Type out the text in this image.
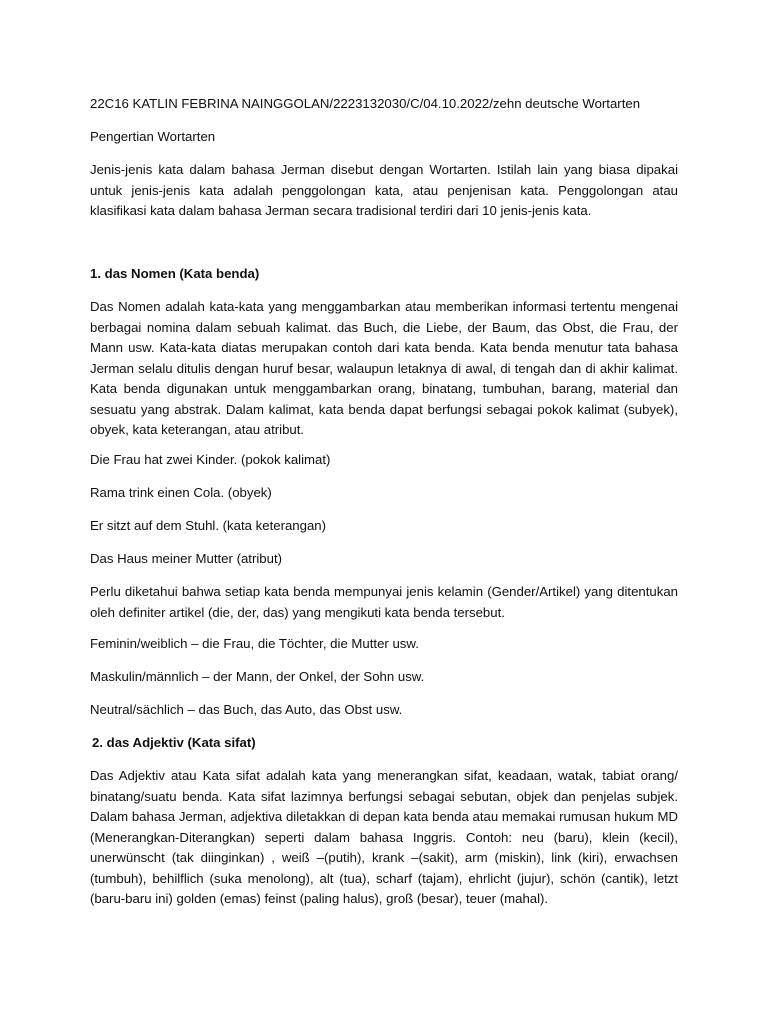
22C16 KATLIN FEBRINA NAINGGOLAN/2223132030/C/04.10.2022/zehn deutsche Wortarten

Pengertian Wortarten

Jenis-jenis kata dalam bahasa Jerman disebut dengan Wortarten. Istilah lain yang biasa dipakai untuk jenis-jenis kata adalah penggolongan kata, atau penjenisan kata. Penggolongan atau klasifikasi kata dalam bahasa Jerman secara tradisional terdiri dari 10 jenis-jenis kata.

1. das Nomen (Kata benda)

Das Nomen adalah kata-kata yang menggambarkan atau memberikan informasi tertentu mengenai berbagai nomina dalam sebuah kalimat. das Buch, die Liebe, der Baum, das Obst, die Frau, der Mann usw. Kata-kata diatas merupakan contoh dari kata benda. Kata benda menutur tata bahasa Jerman selalu ditulis dengan huruf besar, walaupun letaknya di awal, di tengah dan di akhir kalimat. Kata benda digunakan untuk menggambarkan orang, binatang, tumbuhan, barang, material dan sesuatu yang abstrak. Dalam kalimat, kata benda dapat berfungsi sebagai pokok kalimat (subyek), obyek, kata keterangan, atau atribut.

Die Frau hat zwei Kinder. (pokok kalimat)

Rama trink einen Cola. (obyek)

Er sitzt auf dem Stuhl. (kata keterangan)

Das Haus meiner Mutter (atribut)

Perlu diketahui bahwa setiap kata benda mempunyai jenis kelamin (Gender/Artikel) yang ditentukan oleh definiter artikel (die, der, das) yang mengikuti kata benda tersebut.

Feminin/weiblich – die Frau, die Töchter, die Mutter usw.

Maskulin/männlich – der Mann, der Onkel, der Sohn usw.

Neutral/sächlich – das Buch, das Auto, das Obst usw.

2. das Adjektiv (Kata sifat)

Das Adjektiv atau Kata sifat adalah kata yang menerangkan sifat, keadaan, watak, tabiat orang/ binatang/suatu benda. Kata sifat lazimnya berfungsi sebagai sebutan, objek dan penjelas subjek. Dalam bahasa Jerman, adjektiva diletakkan di depan kata benda atau memakai rumusan hukum MD (Menerangkan-Diterangkan) seperti dalam bahasa Inggris. Contoh: neu (baru), klein (kecil), unerwünscht (tak diinginkan) , weiß –(putih), krank –(sakit), arm (miskin), link (kiri), erwachsen (tumbuh), behilflich (suka menolong), alt (tua), scharf (tajam), ehrlicht (jujur), schön (cantik), letzt (baru-baru ini) golden (emas) feinst (paling halus), groß (besar), teuer (mahal).
